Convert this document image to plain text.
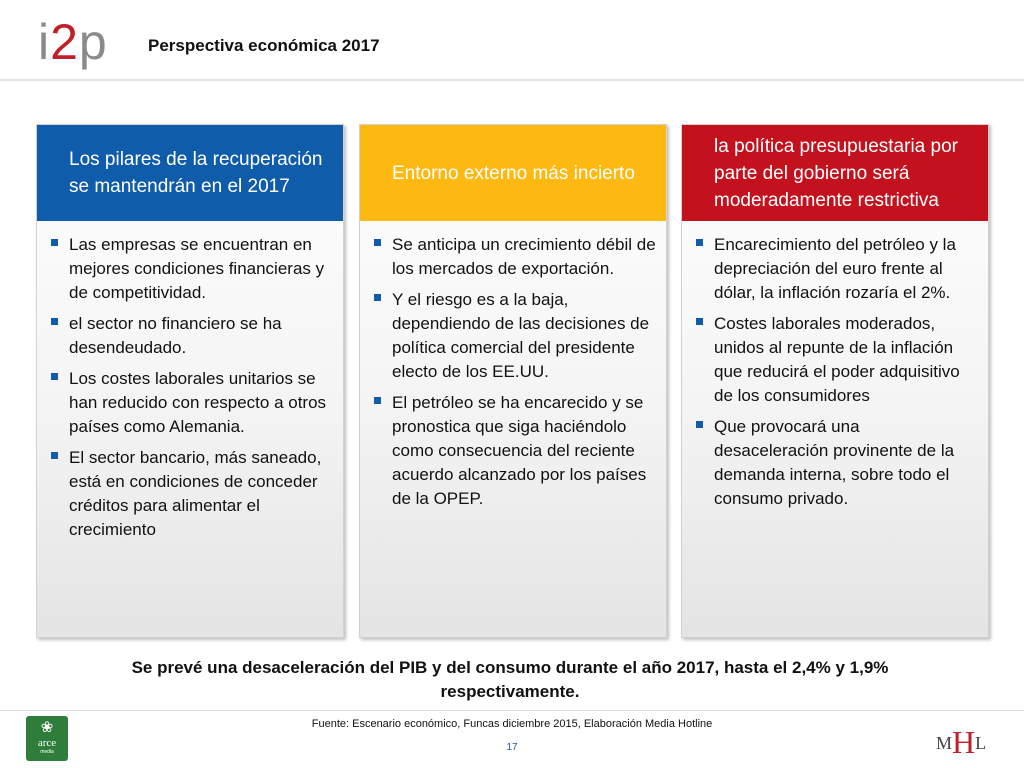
i2p Perspectiva económica 2017
Los pilares de la recuperación se mantendrán en el 2017
Las empresas se encuentran en mejores condiciones financieras y de competitividad.
el sector no financiero se ha desendeudado.
Los costes laborales unitarios se han reducido con respecto a otros países como Alemania.
El sector bancario, más saneado, está en condiciones de conceder créditos para alimentar el crecimiento
Entorno externo más incierto
Se anticipa un crecimiento débil de los mercados de exportación.
Y el riesgo es a la baja, dependiendo de las decisiones de política comercial del presidente electo de los EE.UU.
El petróleo se ha encarecido y se pronostica que siga haciéndolo como consecuencia del reciente acuerdo alcanzado por los países de la OPEP.
la política presupuestaria por parte del gobierno será moderadamente restrictiva
Encarecimiento del petróleo y la depreciación del euro frente al dólar, la inflación rozaría el 2%.
Costes laborales moderados, unidos al repunte de la inflación que reducirá el poder adquisitivo de los consumidores
Que provocará una desaceleración provinente de la demanda interna, sobre todo el consumo privado.
Se prevé una desaceleración del PIB y del consumo durante el año 2017, hasta el 2,4% y 1,9% respectivamente.
❀
arce
media
Fuente: Escenario económico, Funcas diciembre 2015, Elaboración Media Hotline
17	MHL
